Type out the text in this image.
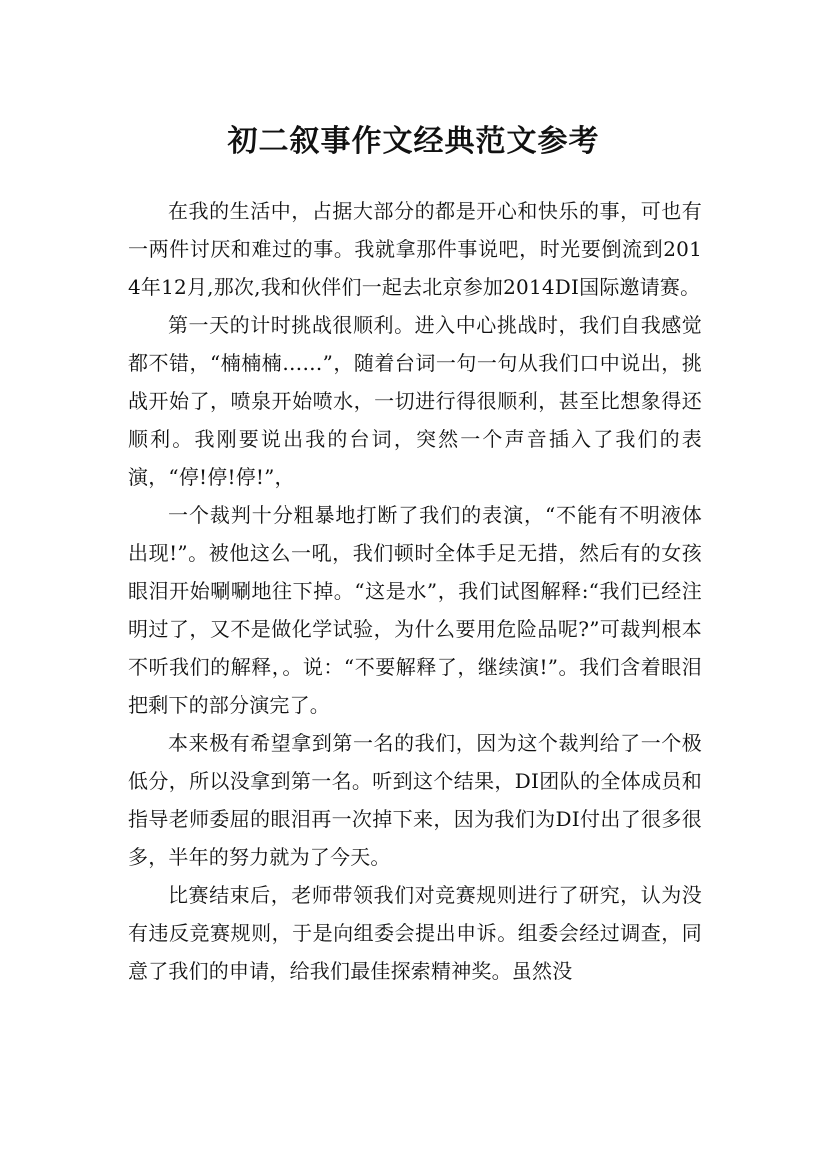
初二叙事作文经典范文参考

在我的生活中，占据大部分的都是开心和快乐的事，可也有一两件讨厌和难过的事。我就拿那件事说吧，时光要倒流到2014年12月,那次,我和伙伴们一起去北京参加2014DI国际邀请赛。

第一天的计时挑战很顺利。进入中心挑战时，我们自我感觉都不错，“楠楠楠……”，随着台词一句一句从我们口中说出，挑战开始了，喷泉开始喷水，一切进行得很顺利，甚至比想象得还顺利。我刚要说出我的台词，突然一个声音插入了我们的表演，“停!停!停!”，

一个裁判十分粗暴地打断了我们的表演，“不能有不明液体出现!”。被他这么一吼，我们顿时全体手足无措，然后有的女孩眼泪开始唰唰地往下掉。“这是水”，我们试图解释:“我们已经注明过了，又不是做化学试验，为什么要用危险品呢?”可裁判根本不听我们的解释，。说：“不要解释了，继续演!”。我们含着眼泪把剩下的部分演完了。

本来极有希望拿到第一名的我们，因为这个裁判给了一个极低分，所以没拿到第一名。听到这个结果，DI团队的全体成员和指导老师委屈的眼泪再一次掉下来，因为我们为DI付出了很多很多，半年的努力就为了今天。

比赛结束后，老师带领我们对竞赛规则进行了研究，认为没有违反竞赛规则，于是向组委会提出申诉。组委会经过调查，同意了我们的申请，给我们最佳探索精神奖。虽然没
